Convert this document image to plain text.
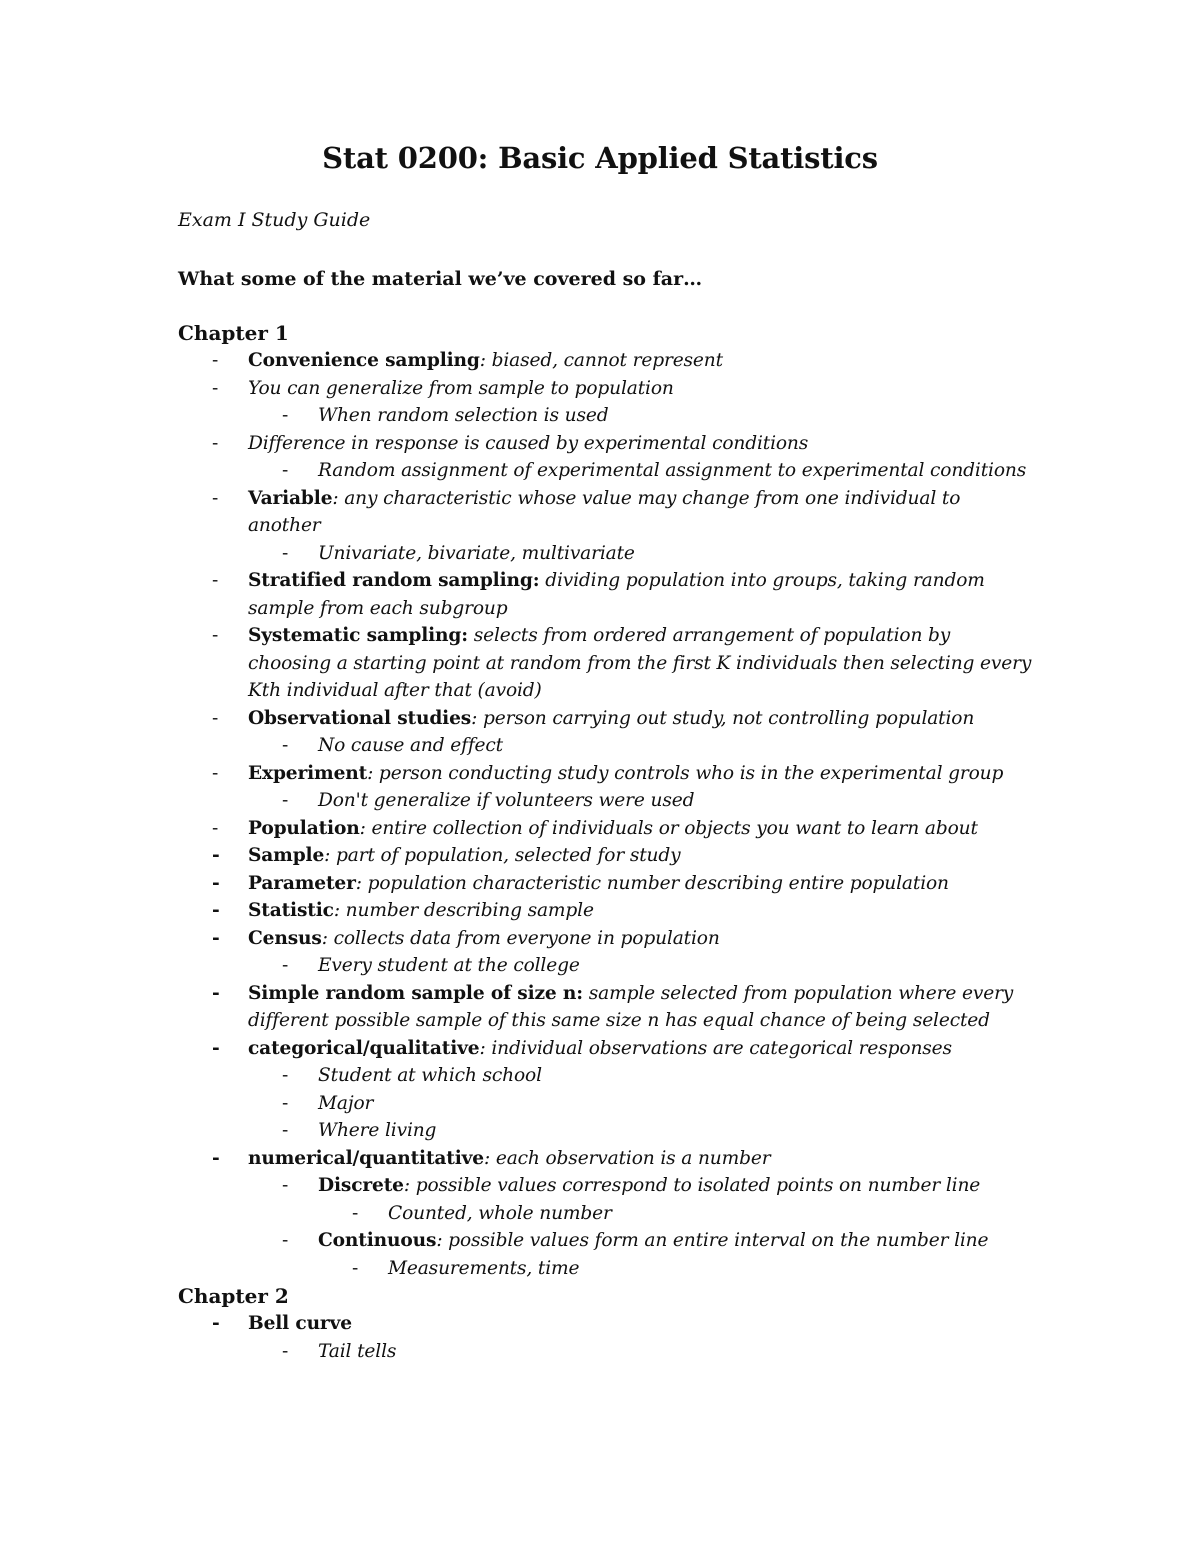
Stat 0200: Basic Applied Statistics
Exam I Study Guide
What some of the material we’ve covered so far…
Chapter 1
- Convenience sampling: biased, cannot represent
- You can generalize from sample to population
- When random selection is used
- Difference in response is caused by experimental conditions
- Random assignment of experimental assignment to experimental conditions
- Variable: any characteristic whose value may change from one individual to another
- Univariate, bivariate, multivariate
- Stratified random sampling: dividing population into groups, taking random sample from each subgroup
- Systematic sampling: selects from ordered arrangement of population by choosing a starting point at random from the first K individuals then selecting every Kth individual after that (avoid)
- Observational studies: person carrying out study, not controlling population
- No cause and effect
- Experiment: person conducting study controls who is in the experimental group
- Don't generalize if volunteers were used
- Population: entire collection of individuals or objects you want to learn about
- Sample: part of population, selected for study
- Parameter: population characteristic number describing entire population
- Statistic: number describing sample
- Census: collects data from everyone in population
- Every student at the college
- Simple random sample of size n: sample selected from population where every different possible sample of this same size n has equal chance of being selected
- categorical/qualitative: individual observations are categorical responses
- Student at which school
- Major
- Where living
- numerical/quantitative: each observation is a number
- Discrete: possible values correspond to isolated points on number line
- Counted, whole number
- Continuous: possible values form an entire interval on the number line
- Measurements, time
Chapter 2
- Bell curve
- Tail tells
